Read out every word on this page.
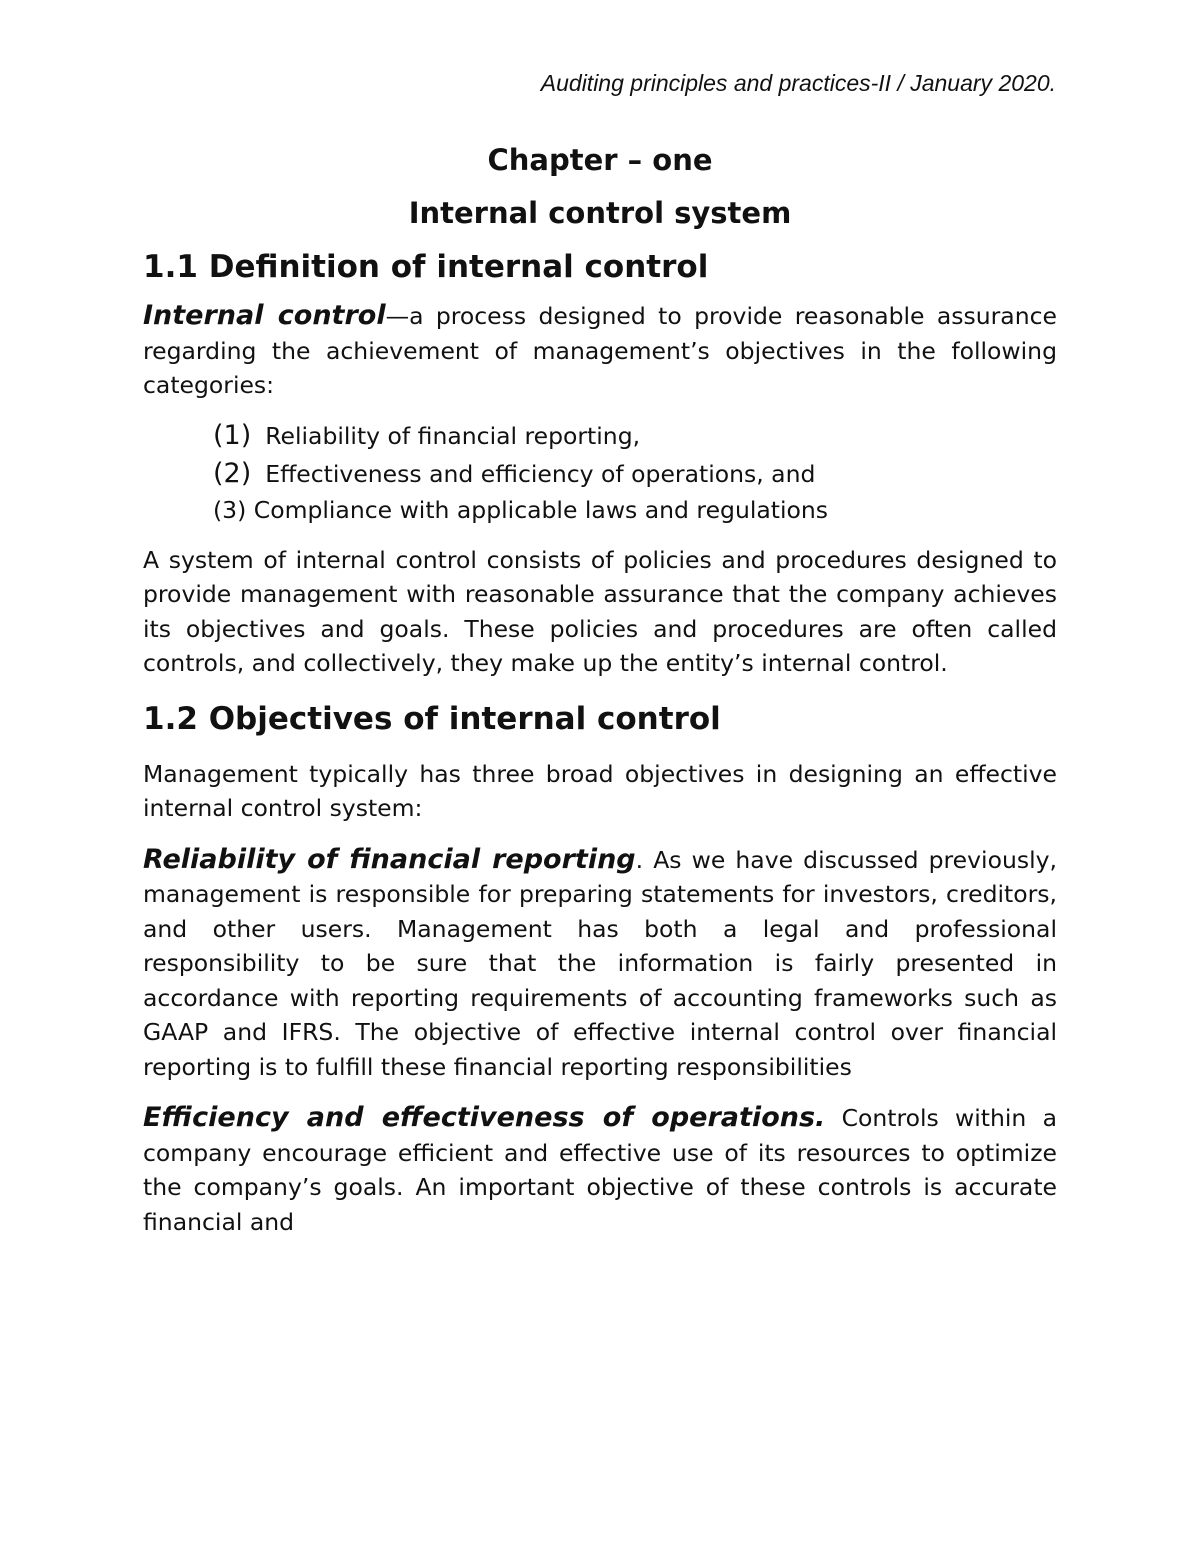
Auditing principles and practices-II / January 2020.
Chapter – one
Internal control system
1.1 Definition of internal control

Internal control—a process designed to provide reasonable assurance regarding the achievement of management’s objectives in the following categories:

(1) Reliability of financial reporting,
(2) Effectiveness and efficiency of operations, and
(3) Compliance with applicable laws and regulations

A system of internal control consists of policies and procedures designed to provide management with reasonable assurance that the company achieves its objectives and goals. These policies and procedures are often called controls, and collectively, they make up the entity’s internal control.

1.2 Objectives of internal control

Management typically has three broad objectives in designing an effective internal control system:

Reliability of financial reporting. As we have discussed previously, management is responsible for preparing statements for investors, creditors, and other users. Management has both a legal and professional responsibility to be sure that the information is fairly presented in accordance with reporting requirements of accounting frameworks such as GAAP and IFRS. The objective of effective internal control over financial reporting is to fulfill these financial reporting responsibilities

Efficiency and effectiveness of operations. Controls within a company encourage efficient and effective use of its resources to optimize the company’s goals. An important objective of these controls is accurate financial and
